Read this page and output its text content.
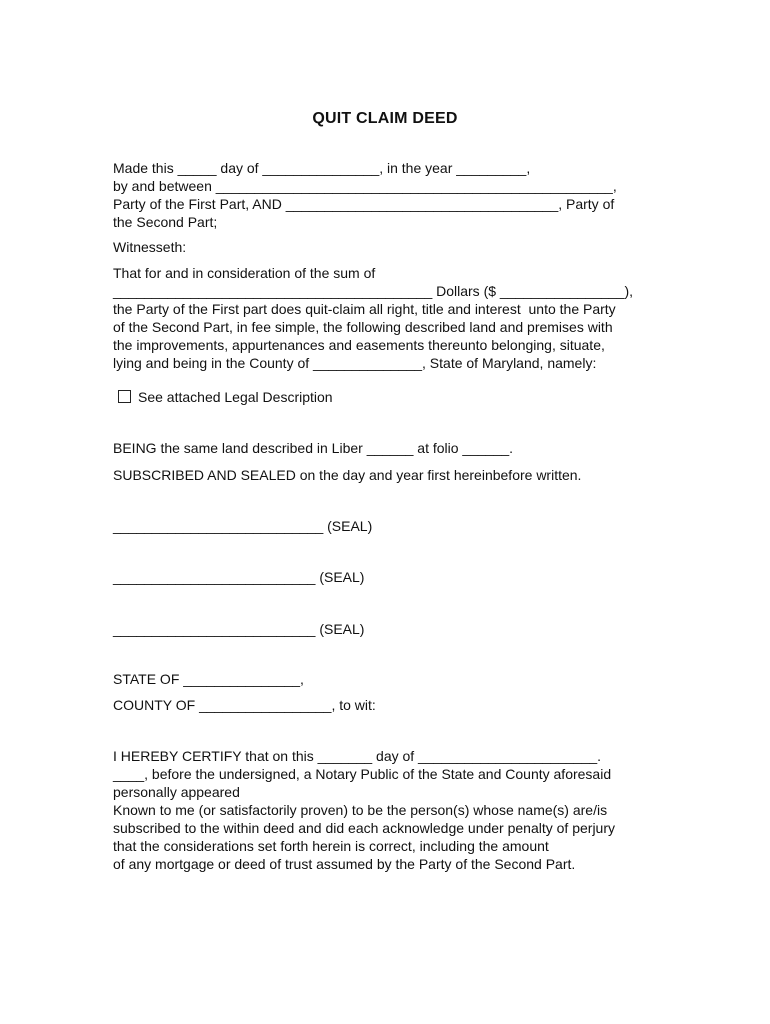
QUIT CLAIM DEED
Made this _____ day of _______________, in the year _________,
by and between ___________________________________________________,
Party of the First Part, AND ___________________________________, Party of
the Second Part;
Witnesseth:
That for and in consideration of the sum of
_________________________________________ Dollars ($ ________________),
the Party of the First part does quit-claim all right, title and interest  unto the Party
of the Second Part, in fee simple, the following described land and premises with
the improvements, appurtenances and easements thereunto belonging, situate,
lying and being in the County of ______________, State of Maryland, namely:
See attached Legal Description
BEING the same land described in Liber ______ at folio ______.
SUBSCRIBED AND SEALED on the day and year first hereinbefore written.
___________________________ (SEAL)
__________________________ (SEAL)
__________________________ (SEAL)
STATE OF _______________,
COUNTY OF _________________, to wit:
I HEREBY CERTIFY that on this _______ day of _______________________.
____, before the undersigned, a Notary Public of the State and County aforesaid
personally appeared
Known to me (or satisfactorily proven) to be the person(s) whose name(s) are/is
subscribed to the within deed and did each acknowledge under penalty of perjury
that the considerations set forth herein is correct, including the amount
of any mortgage or deed of trust assumed by the Party of the Second Part.
